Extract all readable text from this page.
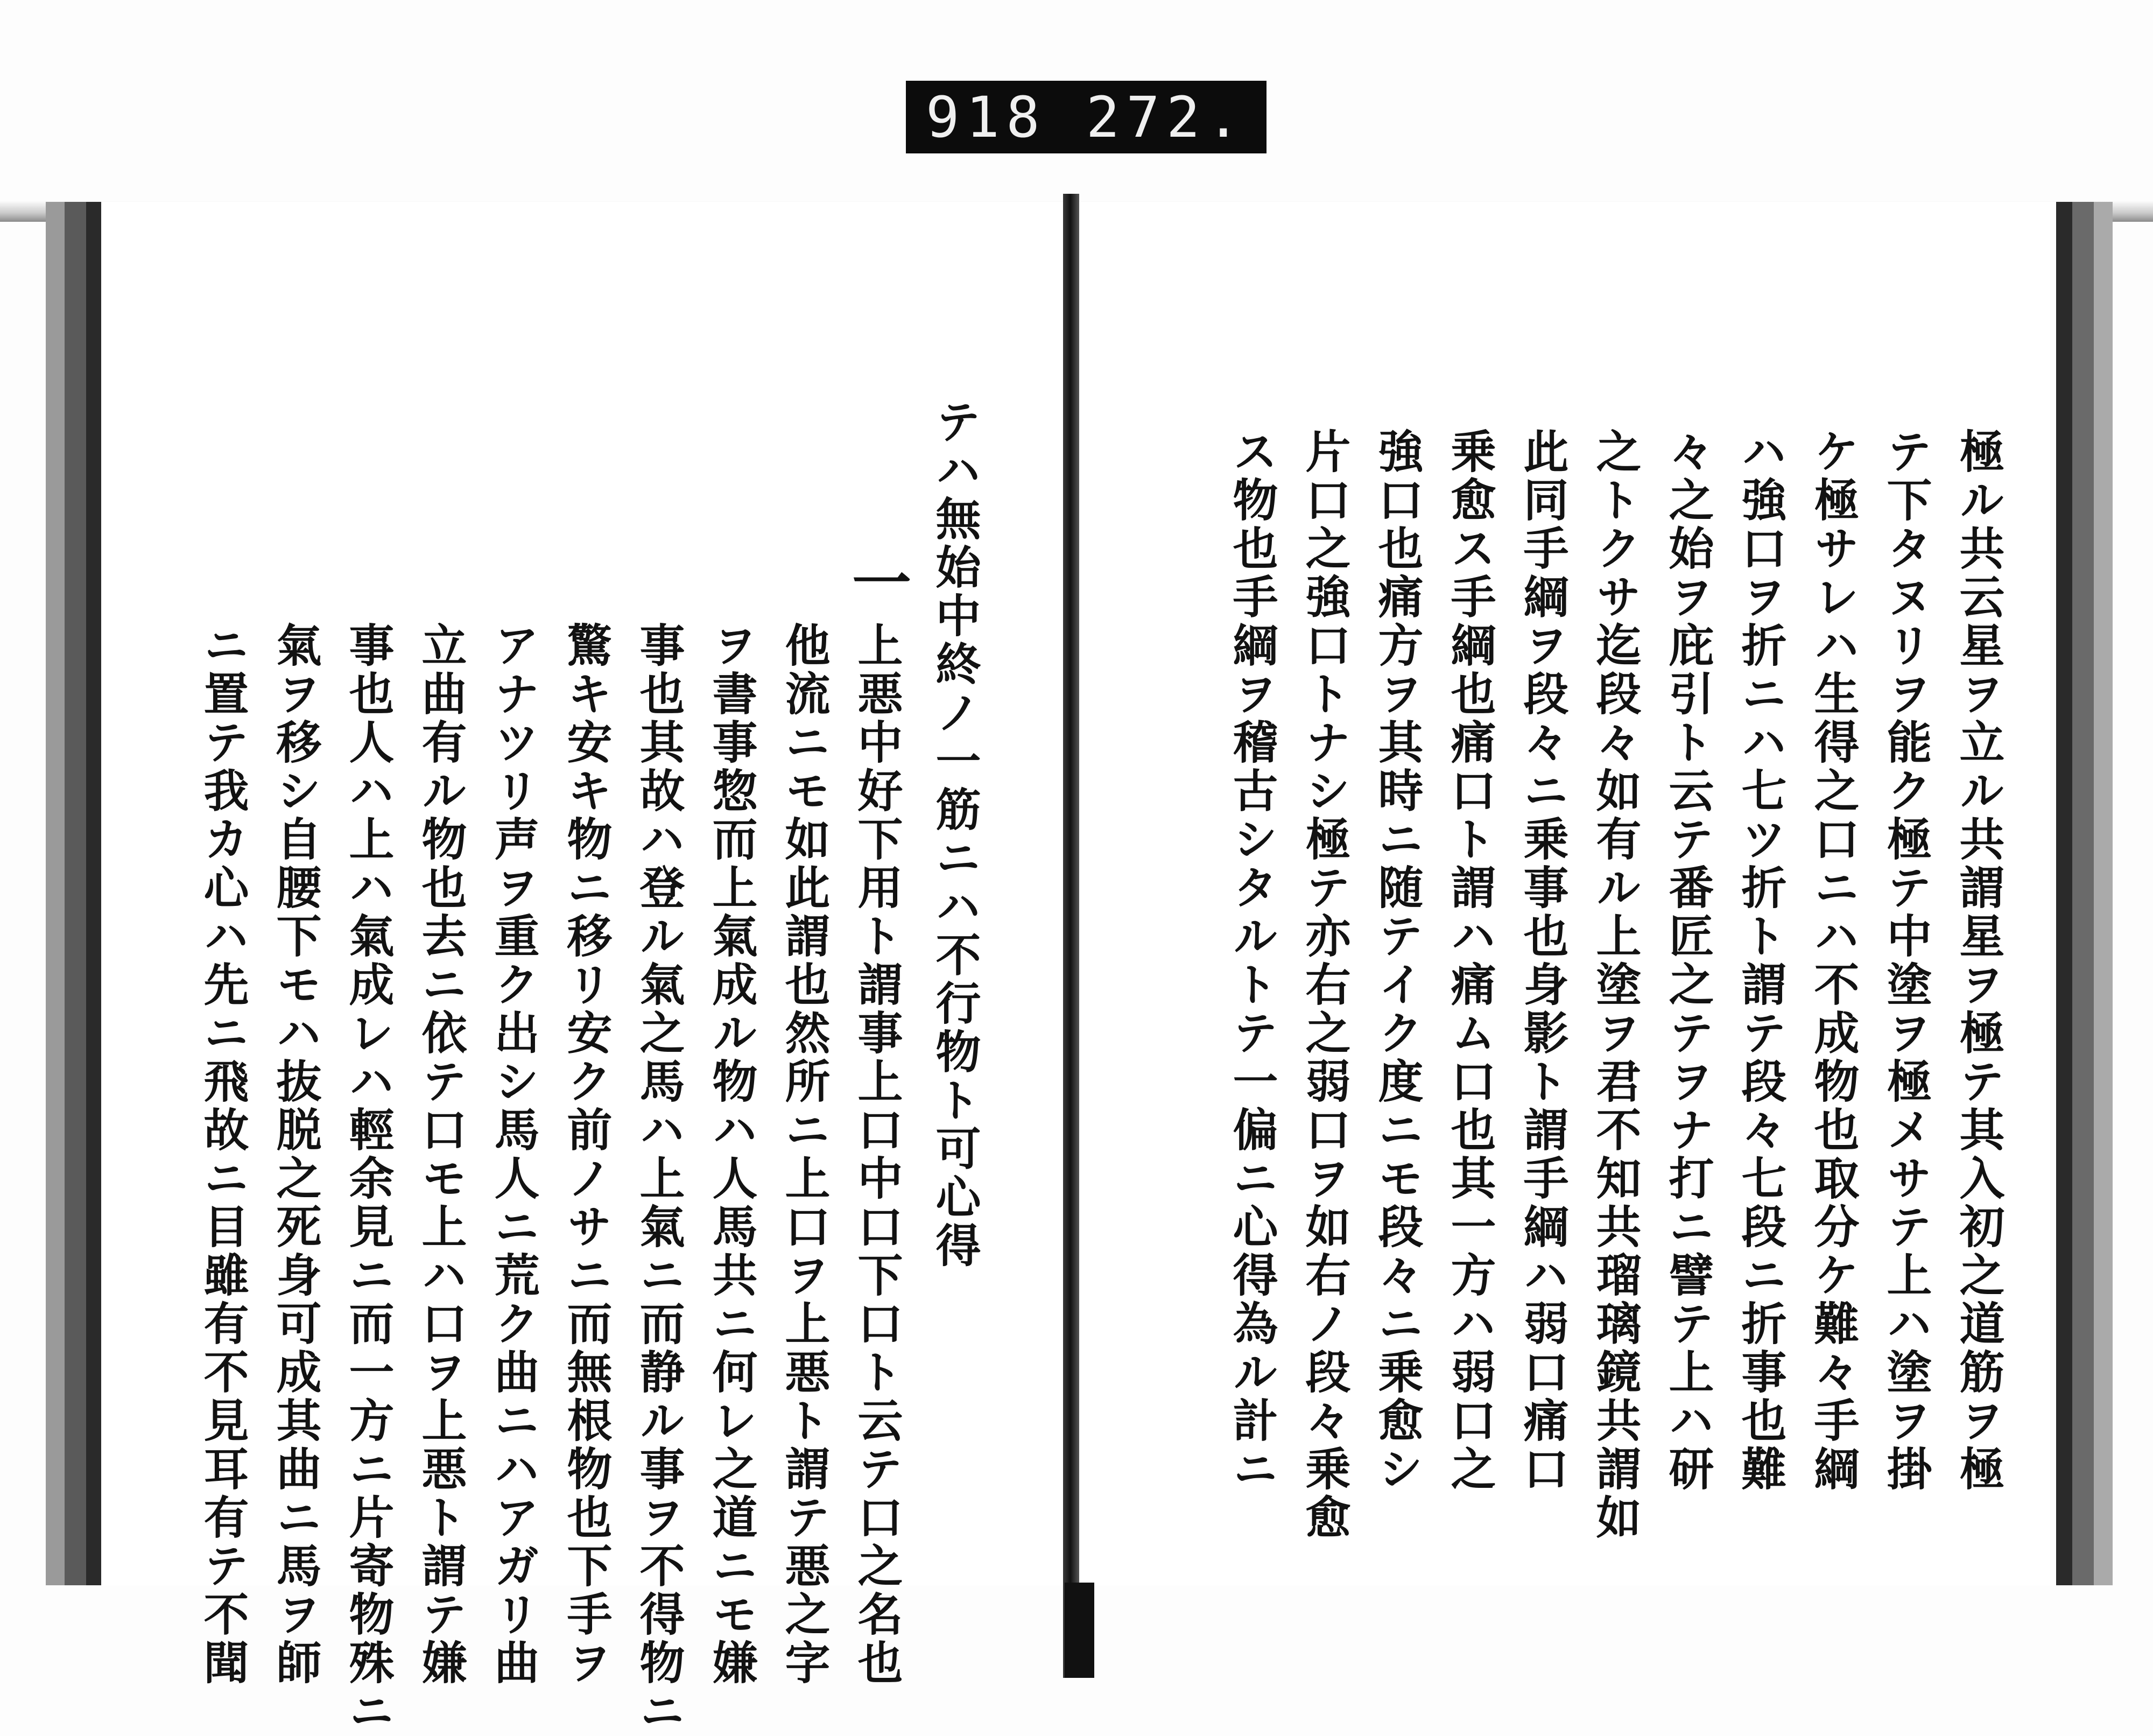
918 272.
テハ無始中終ノ一筋ニハ不行物ト可心得
一
上悪中好下用ト謂事上口中口下口ト云テ口之名也
他流ニモ如此謂也然所ニ上口ヲ上悪ト謂テ悪之字
ヲ書事惣而上氣成ル物ハ人馬共ニ何レ之道ニモ嫌
事也其故ハ登ル氣之馬ハ上氣ニ而静ル事ヲ不得物ニ
驚キ安キ物ニ移リ安ク前ノサニ而無根物也下手ヲ
アナツリ声ヲ重ク出シ馬人ニ荒ク曲ニハアガリ曲
立曲有ル物也去ニ依テ口モ上ハ口ヲ上悪ト謂テ嫌
事也人ハ上ハ氣成レハ輕余見ニ而一方ニ片寄物殊ニ
氣ヲ移シ自腰下モハ抜脱之死身可成其曲ニ馬ヲ師
ニ置テ我カ心ハ先ニ飛故ニ目雖有不見耳有テ不聞	極ル共云星ヲ立ル共謂星ヲ極テ其入初之道筋ヲ極
テ下タヌリヲ能ク極テ中塗ヲ極メサテ上ハ塗ヲ掛
ケ極サレハ生得之口ニハ不成物也取分ケ難々手綱
ハ強口ヲ折ニハ七ツ折ト謂テ段々七段ニ折事也難
々之始ヲ庇引ト云テ番匠之テヲナ打ニ譬テ上ハ研
之トクサ迄段々如有ル上塗ヲ君不知共瑠璃鏡共謂如
此同手綱ヲ段々ニ乗事也身影ト謂手綱ハ弱口痛口
乗愈ス手綱也痛口ト謂ハ痛ム口也其一方ハ弱口之
強口也痛方ヲ其時ニ随テイク度ニモ段々ニ乗愈シ
片口之強口トナシ極テ亦右之弱口ヲ如右ノ段々乗愈
ス物也手綱ヲ稽古シタルトテ一偏ニ心得為ル計ニ
